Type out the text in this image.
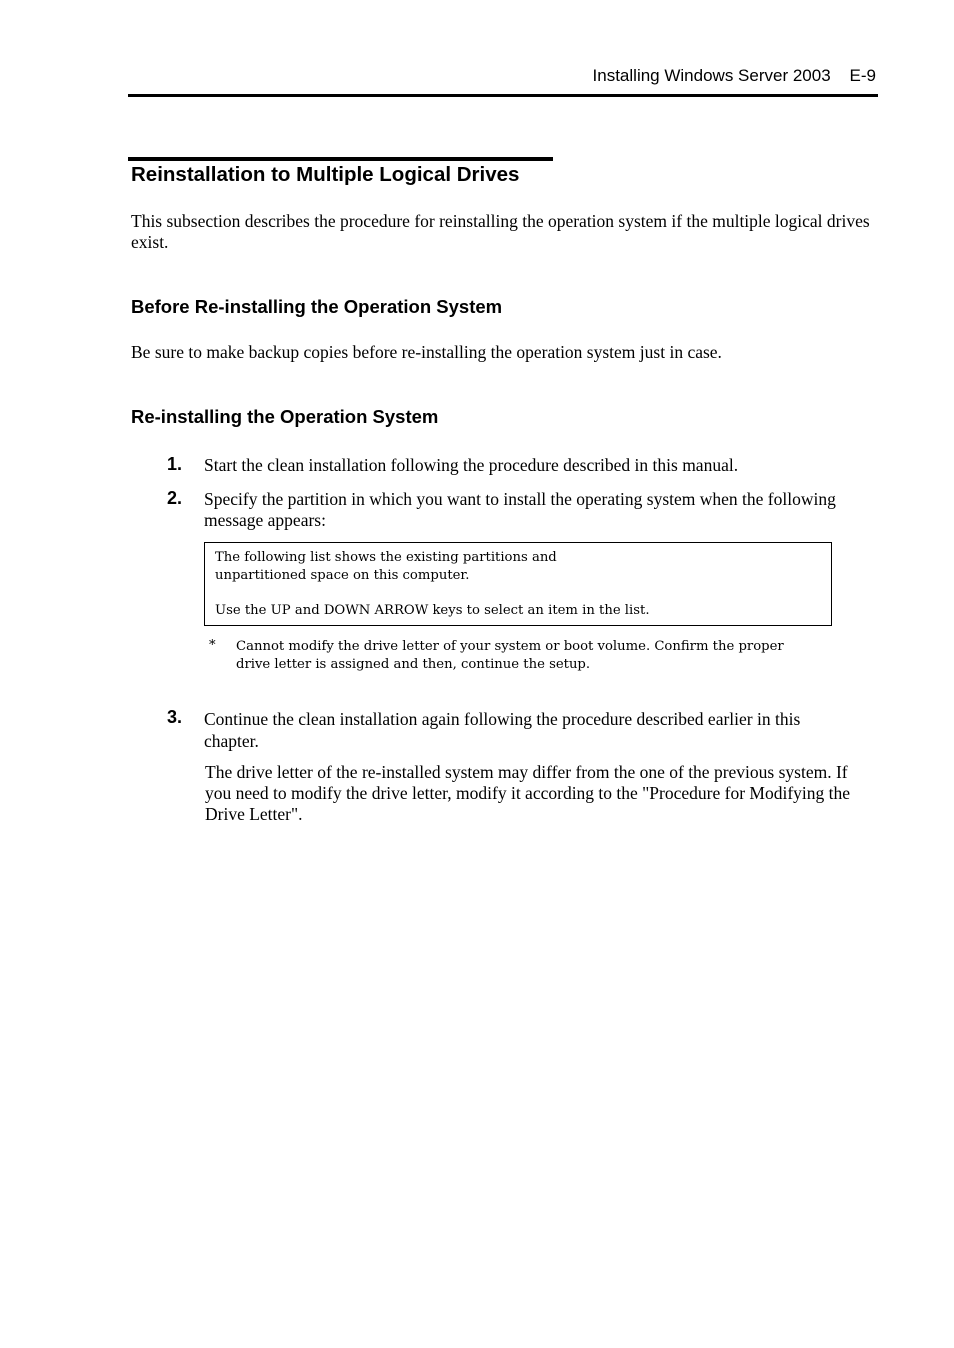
Installing Windows Server 2003    E-9
Reinstallation to Multiple Logical Drives

This subsection describes the procedure for reinstalling the operation system if the multiple logical drives exist.

Before Re-installing the Operation System

Be sure to make backup copies before re-installing the operation system just in case.

Re-installing the Operation System
1. Start the clean installation following the procedure described in this manual.

2. Specify the partition in which you want to install the operating system when the following message appears:

The following list shows the existing partitions and
unpartitioned space on this computer.
Use the UP and DOWN ARROW keys to select an item in the list.
* Cannot modify the drive letter of your system or boot volume. Confirm the proper
drive letter is assigned and then, continue the setup.

3. Continue the clean installation again following the procedure described earlier in this chapter.

The drive letter of the re-installed system may differ from the one of the previous system. If you need to modify the drive letter, modify it according to the "Procedure for Modifying the Drive Letter".
